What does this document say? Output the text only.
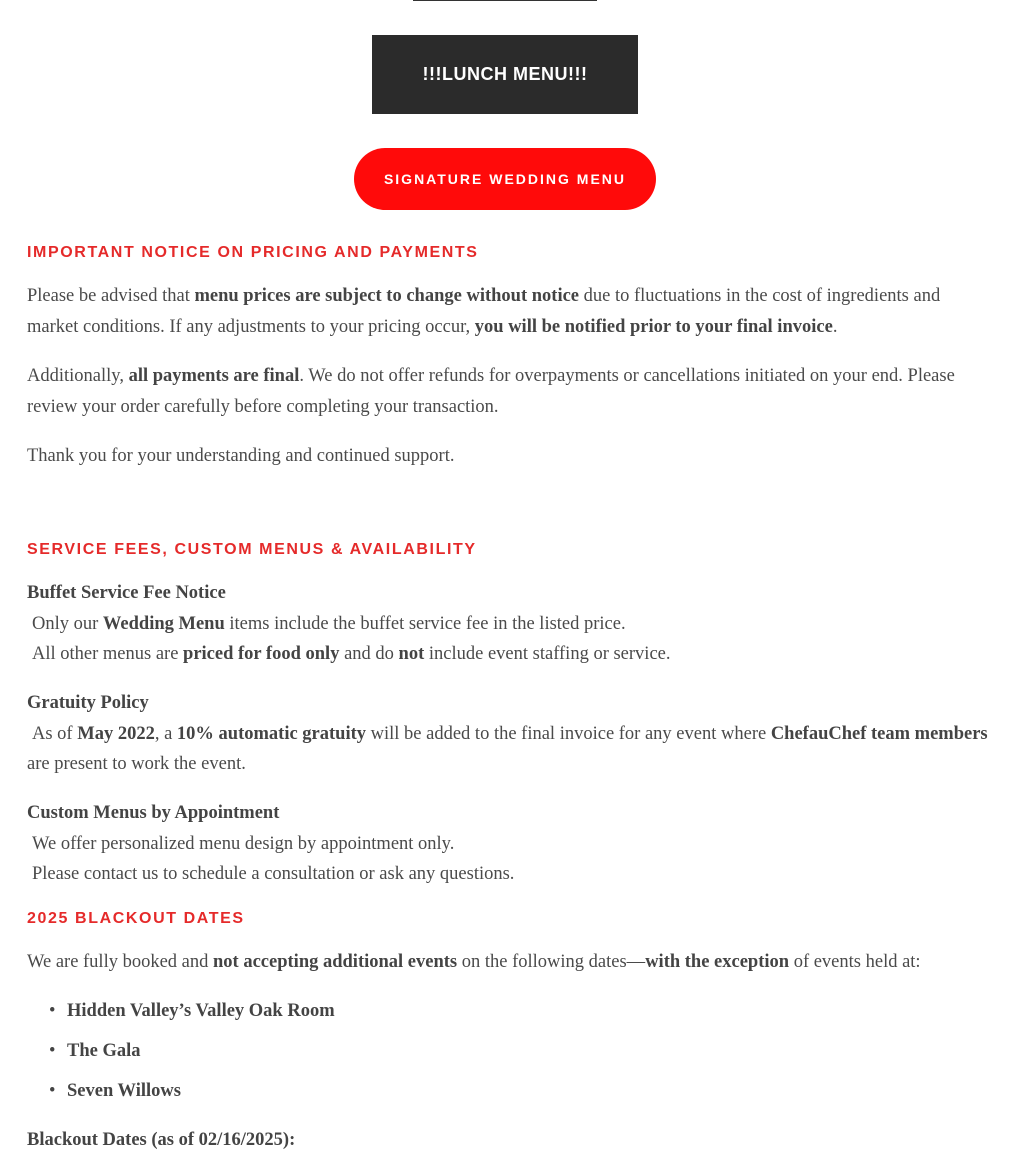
!!!LUNCH MENU!!!
SIGNATURE WEDDING MENU
IMPORTANT NOTICE ON PRICING AND PAYMENTS

Please be advised that menu prices are subject to change without notice due to fluctuations in the cost of ingredients and
market conditions. If any adjustments to your pricing occur, you will be notified prior to your final invoice.

Additionally, all payments are final. We do not offer refunds for overpayments or cancellations initiated on your end. Please
review your order carefully before completing your transaction.

Thank you for your understanding and continued support.

SERVICE FEES, CUSTOM MENUS & AVAILABILITY

Buffet Service Fee Notice
Only our Wedding Menu items include the buffet service fee in the listed price.
All other menus are priced for food only and do not include event staffing or service.

Gratuity Policy
As of May 2022, a 10% automatic gratuity will be added to the final invoice for any event where ChefauChef team members
are present to work the event.

Custom Menus by Appointment
We offer personalized menu design by appointment only.
Please contact us to schedule a consultation or ask any questions.

2025 BLACKOUT DATES

We are fully booked and not accepting additional events on the following dates—with the exception of events held at:

• Hidden Valley’s Valley Oak Room
• The Gala
• Seven Willows

Blackout Dates (as of 02/16/2025):
